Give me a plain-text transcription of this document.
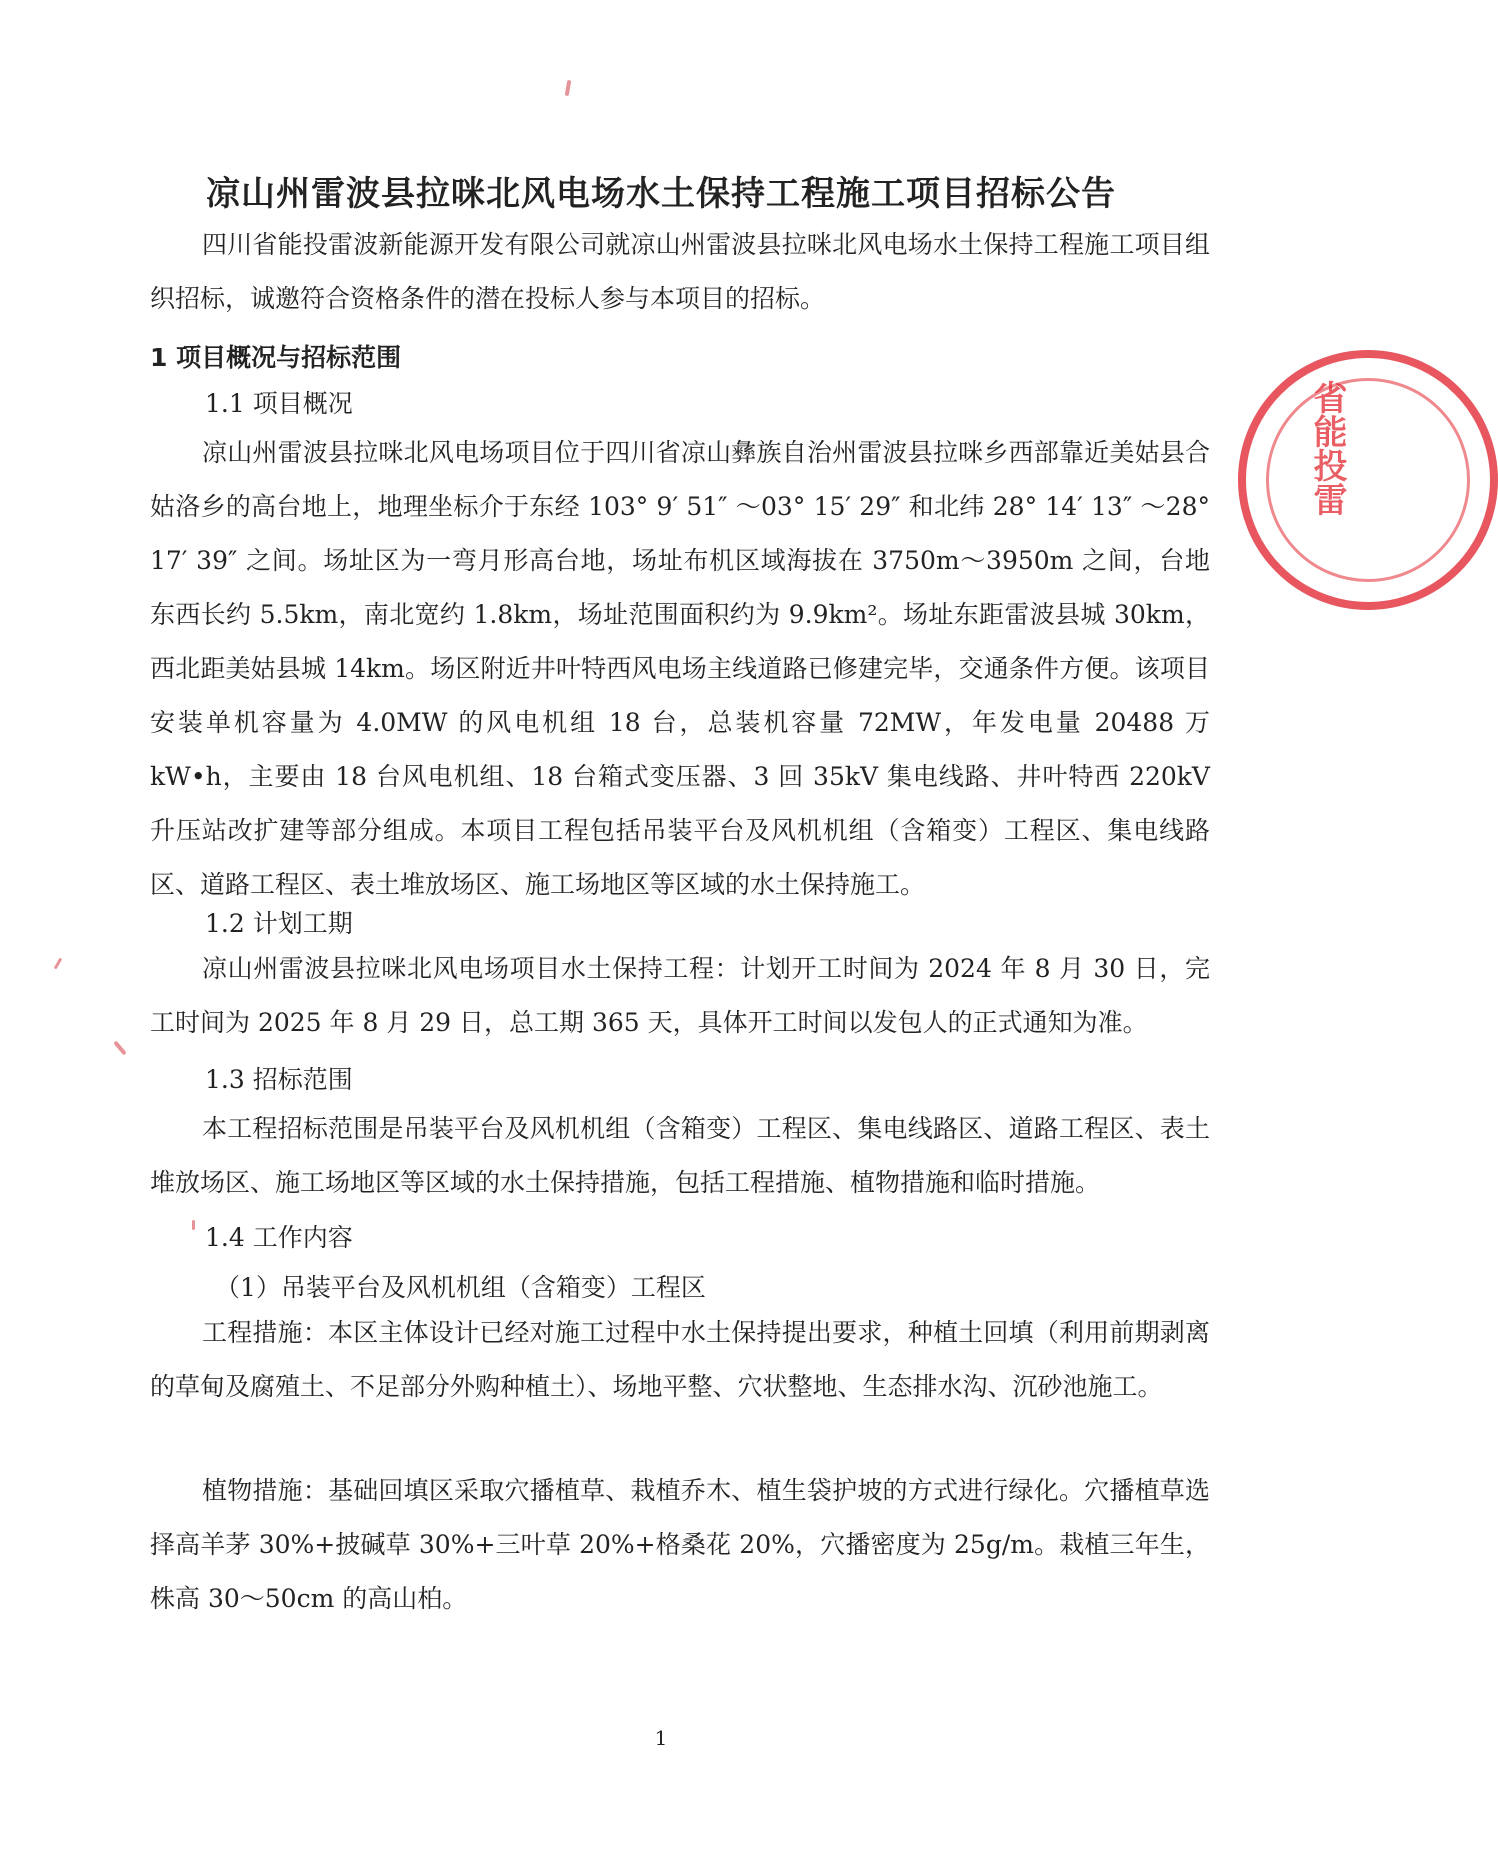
省能投雷
凉山州雷波县拉咪北风电场水土保持工程施工项目招标公告
四川省能投雷波新能源开发有限公司就凉山州雷波县拉咪北风电场水土保持工程施工项目组织招标，诚邀符合资格条件的潜在投标人参与本项目的招标。
1 项目概况与招标范围
1.1 项目概况
凉山州雷波县拉咪北风电场项目位于四川省凉山彝族自治州雷波县拉咪乡西部靠近美姑县合姑洛乡的高台地上，地理坐标介于东经 103° 9′ 51″ ～03° 15′ 29″ 和北纬 28° 14′ 13″ ～28° 17′ 39″ 之间。场址区为一弯月形高台地，场址布机区域海拔在 3750m～3950m 之间，台地东西长约 5.5km，南北宽约 1.8km，场址范围面积约为 9.9km²。场址东距雷波县城 30km，西北距美姑县城 14km。场区附近井叶特西风电场主线道路已修建完毕，交通条件方便。该项目安装单机容量为 4.0MW 的风电机组 18 台，总装机容量 72MW，年发电量 20488 万 kW•h，主要由 18 台风电机组、18 台箱式变压器、3 回 35kV 集电线路、井叶特西 220kV 升压站改扩建等部分组成。本项目工程包括吊装平台及风机机组（含箱变）工程区、集电线路区、道路工程区、表土堆放场区、施工场地区等区域的水土保持施工。
1.2 计划工期
凉山州雷波县拉咪北风电场项目水土保持工程：计划开工时间为 2024 年 8 月 30 日，完工时间为 2025 年 8 月 29 日，总工期 365 天，具体开工时间以发包人的正式通知为准。
1.3 招标范围
本工程招标范围是吊装平台及风机机组（含箱变）工程区、集电线路区、道路工程区、表土堆放场区、施工场地区等区域的水土保持措施，包括工程措施、植物措施和临时措施。
1.4 工作内容
（1）吊装平台及风机机组（含箱变）工程区
工程措施：本区主体设计已经对施工过程中水土保持提出要求，种植土回填（利用前期剥离的草甸及腐殖土、不足部分外购种植土）、场地平整、穴状整地、生态排水沟、沉砂池施工。
植物措施：基础回填区采取穴播植草、栽植乔木、植生袋护坡的方式进行绿化。穴播植草选择高羊茅 30%+披碱草 30%+三叶草 20%+格桑花 20%，穴播密度为 25g/m。栽植三年生，株高 30～50cm 的高山柏。
1
